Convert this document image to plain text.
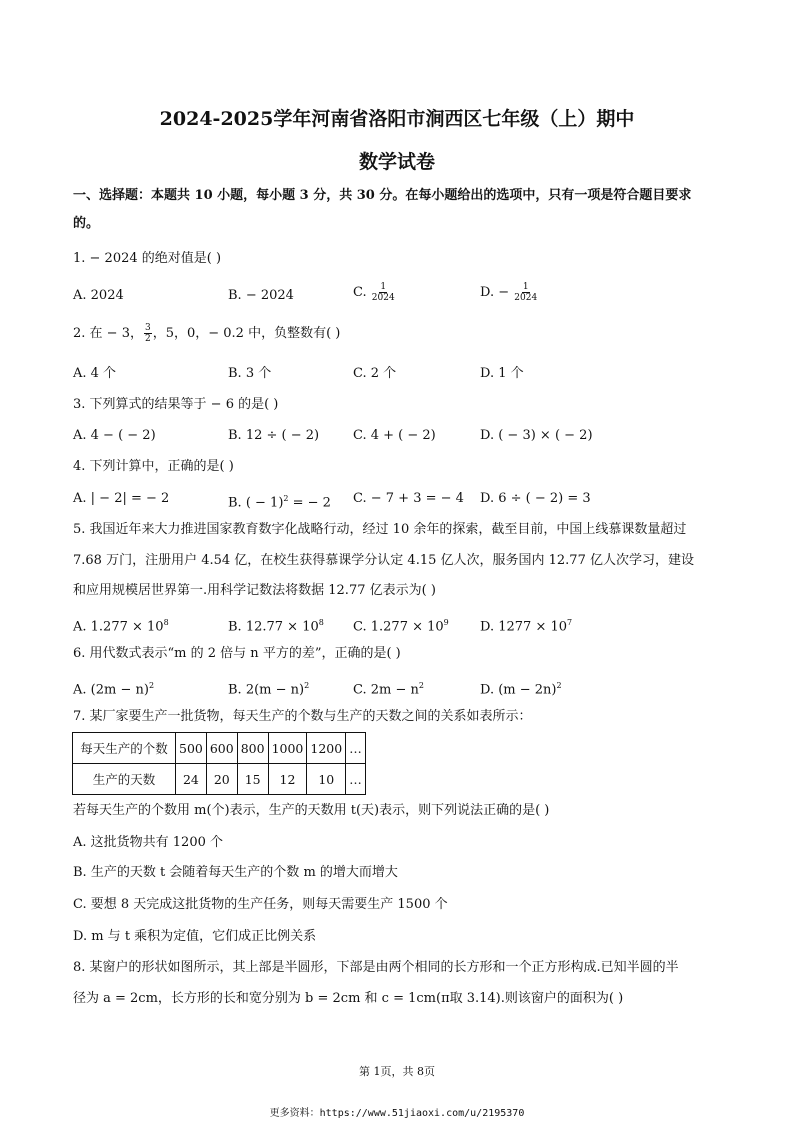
2024-2025学年河南省洛阳市涧西区七年级（上）期中
数学试卷
一、选择题：本题共 10 小题，每小题 3 分，共 30 分。在每小题给出的选项中，只有一项是符合题目要求
的。
1. − 2024 的绝对值是( )
A. 2024	B. − 2024	C. $\frac{1}{2024}$	D. − $\frac{1}{2024}$
2. 在 − 3， $\frac{3}{2}$ ，5，0，− 0.2 中，负整数有( )
A. 4 个	B. 3 个	C. 2 个	D. 1 个
3. 下列算式的结果等于 − 6 的是( )
A. 4 − ( − 2)	B. 12 ÷ ( − 2)	C. 4 + ( − 2)	D. ( − 3) × ( − 2)
4. 下列计算中，正确的是( )
A. | − 2| = − 2	B. ( − 1)$^2$ = − 2 C. − 7 + 3 = − 4 D. 6 ÷ ( − 2) = 3
5. 我国近年来大力推进国家教育数字化战略行动，经过 10 余年的探索，截至目前，中国上线慕课数量超过
7.68 万门，注册用户 4.54 亿，在校生获得慕课学分认定 4.15 亿人次，服务国内 12.77 亿人次学习，建设
和应用规模居世界第一.用科学记数法将数据 12.77 亿表示为( )
A. $1.277 \times 10^8$	B. $12.77 \times 10^8$ C. $1.277 \times 10^9$ D. $1277 \times 10^7$
6. 用代数式表示“m 的 2 倍与 n 平方的差”，正确的是( )
A. $(2m - n)^2$	B. $2(m - n)^2$	C. $2m - n^2$	D. $(m - 2n)^2$
7. 某厂家要生产一批货物，每天生产的个数与生产的天数之间的关系如表所示：
每天生产的个数	500	600	800	1000	1200	…
生产的天数	24	20	15	12	10	…
若每天生产的个数用 m(个)表示，生产的天数用 t(天)表示，则下列说法正确的是( )
A. 这批货物共有 1200 个
B. 生产的天数 t 会随着每天生产的个数 m 的增大而增大
C. 要想 8 天完成这批货物的生产任务，则每天需要生产 1500 个
D. m 与 t 乘积为定值，它们成正比例关系
8. 某窗户的形状如图所示，其上部是半圆形，下部是由两个相同的长方形和一个正方形构成.已知半圆的半
径为 a = 2cm，长方形的长和宽分别为 b = 2cm 和 c = 1cm(π取 3.14).则该窗户的面积为( )
第 1页，共 8页
更多资料：https://www.51jiaoxi.com/u/2195370
